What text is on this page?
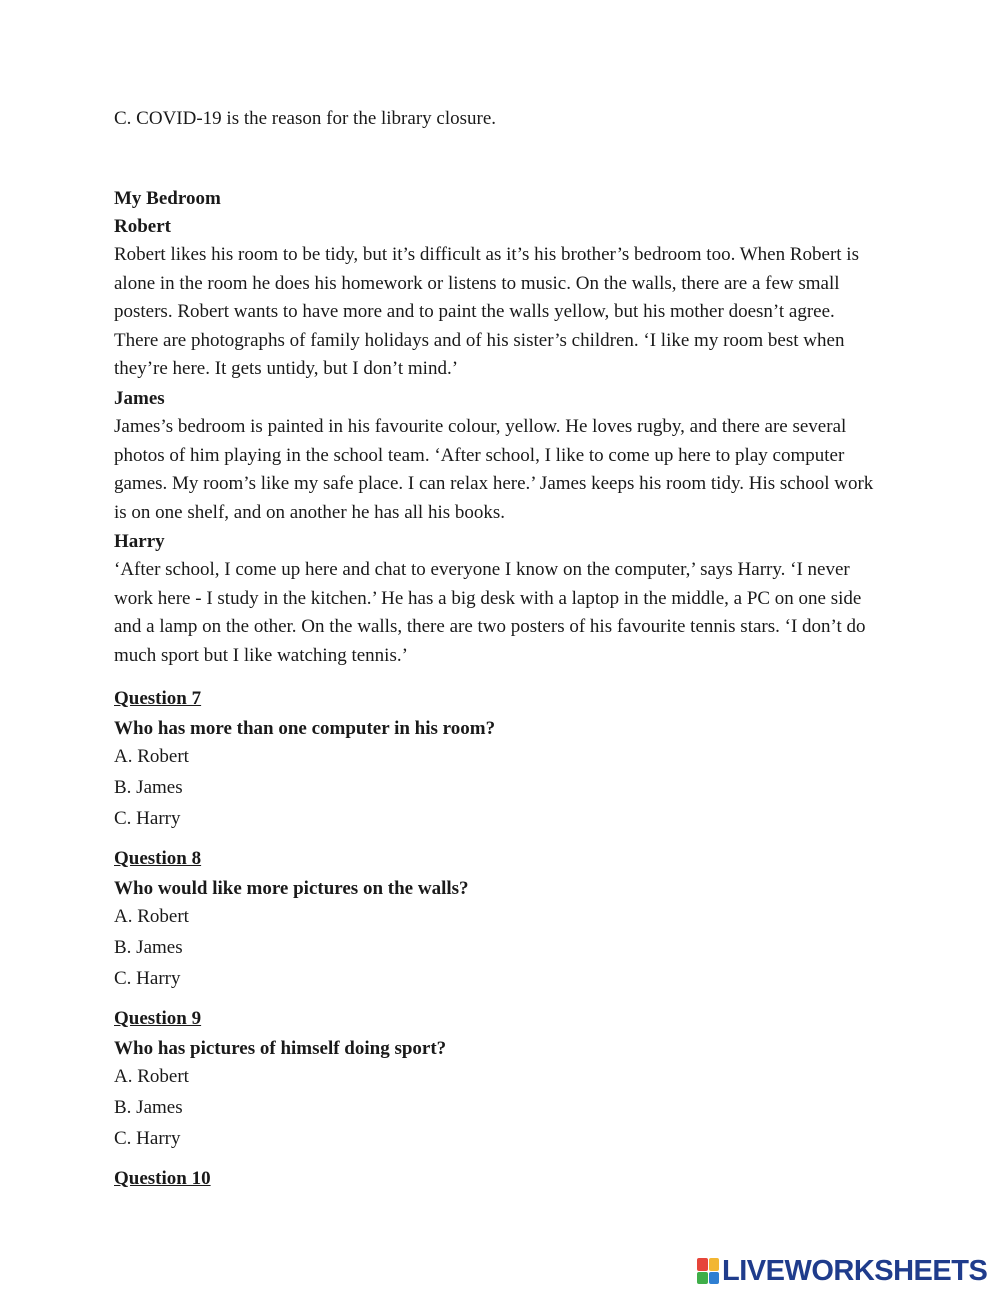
C. COVID-19 is the reason for the library closure.
My Bedroom
Robert
Robert likes his room to be tidy, but it’s difficult as it’s his brother’s bedroom too. When Robert is
alone in the room he does his homework or listens to music. On the walls, there are a few small
posters. Robert wants to have more and to paint the walls yellow, but his mother doesn’t agree.
There are photographs of family holidays and of his sister’s children. ‘I like my room best when
they’re here. It gets untidy, but I don’t mind.’
James
James’s bedroom is painted in his favourite colour, yellow. He loves rugby, and there are several
photos of him playing in the school team. ‘After school, I like to come up here to play computer
games. My room’s like my safe place. I can relax here.’ James keeps his room tidy. His school work
is on one shelf, and on another he has all his books.
Harry
‘After school, I come up here and chat to everyone I know on the computer,’ says Harry. ‘I never
work here - I study in the kitchen.’ He has a big desk with a laptop in the middle, a PC on one side
and a lamp on the other. On the walls, there are two posters of his favourite tennis stars. ‘I don’t do
much sport but I like watching tennis.’
Question 7
Who has more than one computer in his room?
A. Robert
B. James
C. Harry
Question 8
Who would like more pictures on the walls?
A. Robert
B. James
C. Harry
Question 9
Who has pictures of himself doing sport?
A. Robert
B. James
C. Harry
Question 10
LIVEWORKSHEETS
